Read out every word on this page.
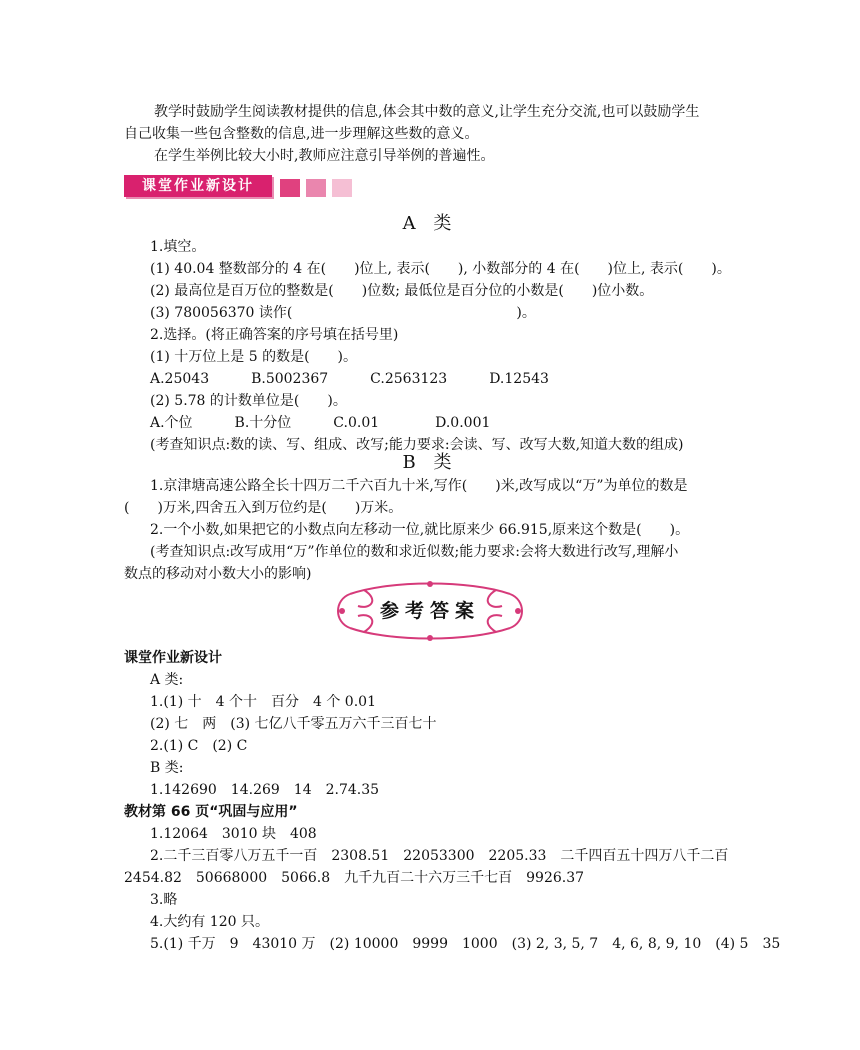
教学时鼓励学生阅读教材提供的信息,体会其中数的意义,让学生充分交流,也可以鼓励学生
自己收集一些包含整数的信息,进一步理解这些数的意义。
在学生举例比较大小时,教师应注意引导举例的普遍性。
课堂作业新设计
A 类
1.填空。
(1) 40.04 整数部分的 4 在(　　)位上, 表示(　　), 小数部分的 4 在(　　)位上, 表示(　　)。
(2) 最高位是百万位的整数是(　　)位数; 最低位是百分位的小数是(　　)位小数。
(3) 780056370 读作(　　　　　　　　　　　　　　　　)。
2.选择。(将正确答案的序号填在括号里)
(1) 十万位上是 5 的数是(　　)。
A.25043　　　B.5002367　　　C.2563123　　　D.12543
(2) 5.78 的计数单位是(　　)。
A.个位　　　B.十分位　　　C.0.01　　　　D.0.001
(考查知识点:数的读、写、组成、改写;能力要求:会读、写、改写大数,知道大数的组成)
B 类
1.京津塘高速公路全长十四万二千六百九十米,写作(　　)米,改写成以“万”为单位的数是
(　　)万米,四舍五入到万位约是(　　)万米。
2.一个小数,如果把它的小数点向左移动一位,就比原来少 66.915,原来这个数是(　　)。
(考查知识点:改写成用“万”作单位的数和求近似数;能力要求:会将大数进行改写,理解小
数点的移动对小数大小的影响)
参考答案
课堂作业新设计
A 类:
1.(1) 十　4 个十　百分　4 个 0.01
(2) 七　两　(3) 七亿八千零五万六千三百七十
2.(1) C　(2) C
B 类:
1.142690　14.269　14　2.74.35
教材第 66 页“巩固与应用”
1.12064　3010 块　408
2.二千三百零八万五千一百　2308.51　22053300　2205.33　二千四百五十四万八千二百
2454.82　50668000　5066.8　九千九百二十六万三千七百　9926.37
3.略
4.大约有 120 只。
5.(1) 千万　9　43010 万　(2) 10000　9999　1000　(3) 2, 3, 5, 7　4, 6, 8, 9, 10　(4) 5　35
